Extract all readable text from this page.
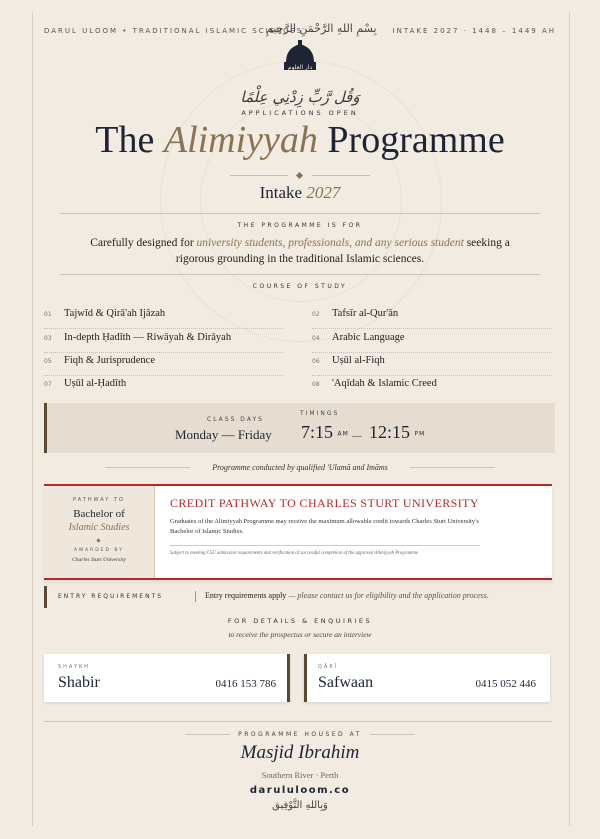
DARUL ULOOM • TRADITIONAL ISLAMIC SCIENCES
بِسْمِ اللهِ الرَّحْمَنِ الرَّحِيمِ INTAKE 2027 · 1448 – 1449 AH
دار العلوم
وَقُل رَّبِّ زِدْنِي عِلْمًا
APPLICATIONS OPEN
The Alimiyyah Programme
Intake 2027
THE PROGRAMME IS FOR
Carefully designed for university students, professionals, and any serious student seeking a rigorous grounding in the traditional Islamic sciences.
COURSE OF STUDY
01 Tajwīd & Qirā'ah Ijāzah	02 Tafsīr al-Qur'ān
03 In-depth Ḥadīth — Riwāyah & Dirāyah	04 Arabic Language
05 Fiqh & Jurisprudence	06 Uṣūl al-Fiqh
07 Uṣūl al-Ḥadīth	08 'Aqīdah & Islamic Creed
CLASS DAYS
Monday — Friday
TIMINGS
7:15 AM 12:15 PM
Programme conducted by qualified 'Ulamā and Imāms
PATHWAY TO
Bachelor of
Islamic Studies
AWARDED BY
Charles Sturt University
CREDIT PATHWAY TO CHARLES STURT UNIVERSITY
Graduates of the Alimiyyah Programme may receive the maximum allowable credit towards Charles Sturt University's Bachelor of Islamic Studies.
Subject to meeting CSU admission requirements and verification of successful completion of the approved Alimiyyah Programme.
ENTRY REQUIREMENTS	Entry requirements apply — please contact us for eligibility and the application process.
FOR DETAILS & ENQUIRIES
to receive the prospectus or secure an interview
SHAYKH
Shabir	0416 153 786
QĀRĪ
Safwaan	0415 052 446
PROGRAMME HOUSED AT
Masjid Ibrahim
Southern River · Perth
darululoom.co
وَبِاللهِ التَّوْفِيق
